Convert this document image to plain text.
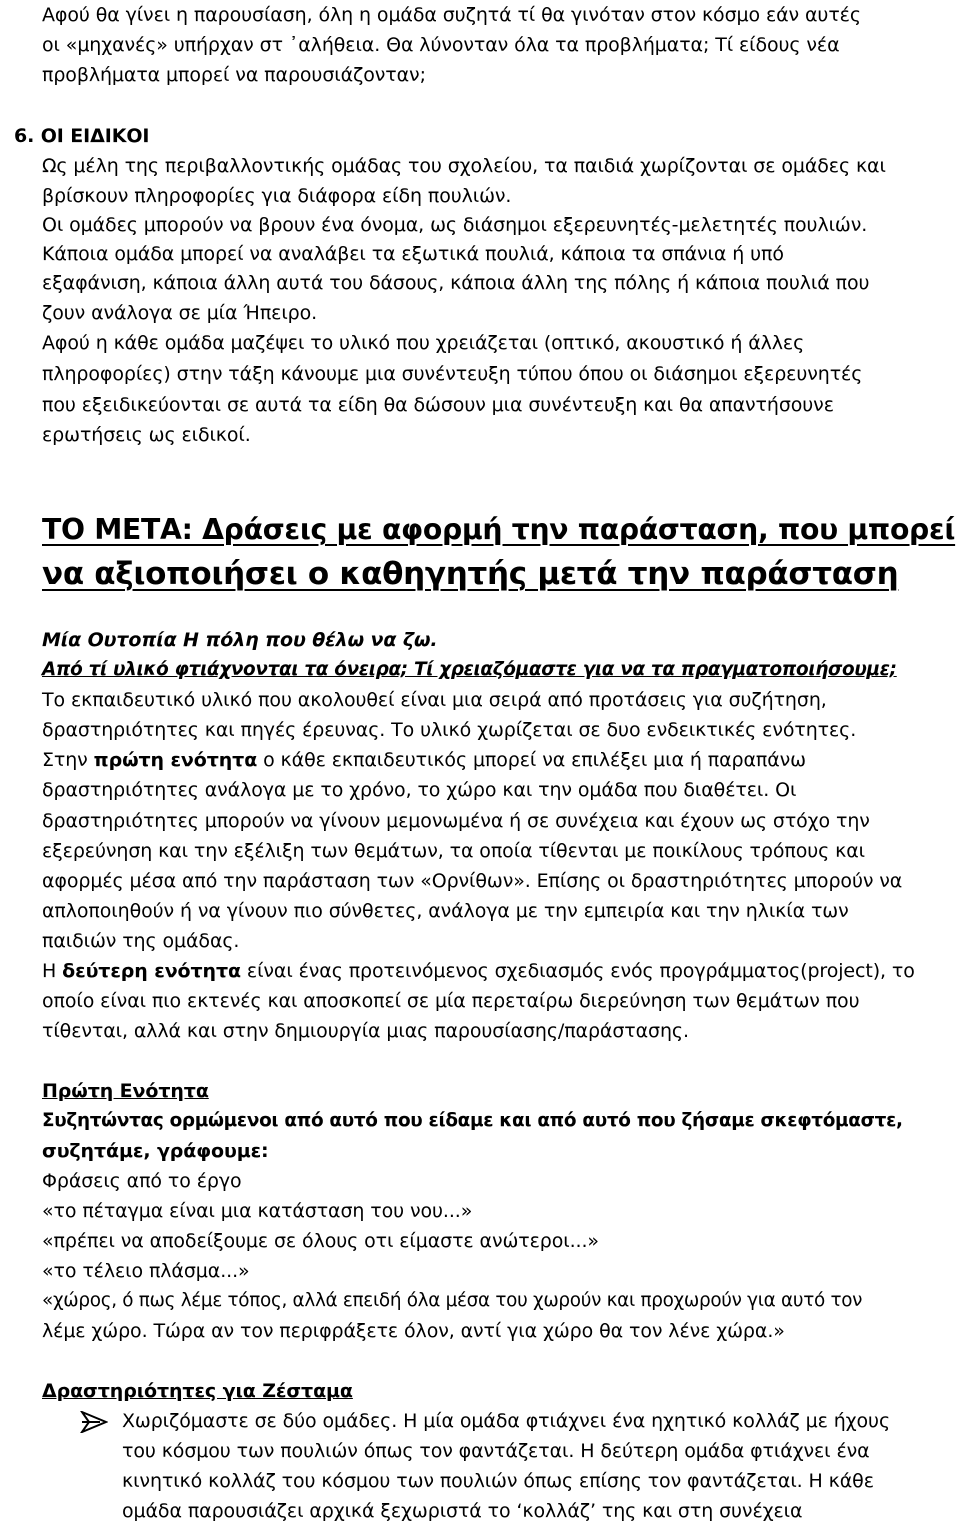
Αφού θα γίνει η παρουσίαση, όλη η ομάδα συζητά τί θα γινόταν στον κόσμο εάν αυτές
οι «μηχανές» υπήρχαν στ ᾽αλήθεια. Θα λύνονταν όλα τα προβλήματα; Τί είδους νέα
προβλήματα μπορεί να παρουσιάζονταν;
6. ΟΙ ΕΙΔΙΚΟΙ
Ως μέλη της περιβαλλοντικής ομάδας του σχολείου, τα παιδιά χωρίζονται σε ομάδες και
βρίσκουν πληροφορίες για διάφορα είδη πουλιών.
Οι ομάδες μπορούν να βρουν ένα όνομα, ως διάσημοι εξερευνητές-μελετητές πουλιών.
Κάποια ομάδα μπορεί να αναλάβει τα εξωτικά πουλιά, κάποια τα σπάνια ή υπό
εξαφάνιση, κάποια άλλη αυτά του δάσους, κάποια άλλη της πόλης ή κάποια πουλιά που
ζουν ανάλογα σε μία Ήπειρο.
Αφού η κάθε ομάδα μαζέψει το υλικό που χρειάζεται (οπτικό, ακουστικό ή άλλες
πληροφορίες) στην τάξη κάνουμε μια συνέντευξη τύπου όπου οι διάσημοι εξερευνητές
που εξειδικεύονται σε αυτά τα είδη θα δώσουν μια συνέντευξη και θα απαντήσουνε
ερωτήσεις ως ειδικοί.
ΤΟ ΜΕΤΑ: Δράσεις με αφορμή την παράσταση, που μπορεί
να αξιοποιήσει ο καθηγητής μετά την παράσταση
Μία Ουτοπία Η πόλη που θέλω να ζω.
Από τί υλικό φτιάχνονται τα όνειρα; Τί χρειαζόμαστε για να τα πραγματοποιήσουμε;
Το εκπαιδευτικό υλικό που ακολουθεί είναι μια σειρά από προτάσεις για συζήτηση,
δραστηριότητες και πηγές έρευνας. Το υλικό χωρίζεται σε δυο ενδεικτικές ενότητες.
Στην πρώτη ενότητα ο κάθε εκπαιδευτικός μπορεί να επιλέξει μια ή παραπάνω
δραστηριότητες ανάλογα με το χρόνο, το χώρο και την ομάδα που διαθέτει. Οι
δραστηριότητες μπορούν να γίνουν μεμονωμένα ή σε συνέχεια και έχουν ως στόχο την
εξερεύνηση και την εξέλιξη των θεμάτων, τα οποία τίθενται με ποικίλους τρόπους και
αφορμές μέσα από την παράσταση των «Ορνίθων». Επίσης οι δραστηριότητες μπορούν να
απλοποιηθούν ή να γίνουν πιο σύνθετες, ανάλογα με την εμπειρία και την ηλικία των
παιδιών της ομάδας.
Η δεύτερη ενότητα είναι ένας προτεινόμενος σχεδιασμός ενός προγράμματος(project), το
οποίο είναι πιο εκτενές και αποσκοπεί σε μία περεταίρω διερεύνηση των θεμάτων που
τίθενται, αλλά και στην δημιουργία μιας παρουσίασης/παράστασης.
Πρώτη Ενότητα
Συζητώντας ορμώμενοι από αυτό που είδαμε και από αυτό που ζήσαμε σκεφτόμαστε,
συζητάμε, γράφουμε:
Φράσεις από το έργο
«το πέταγμα είναι μια κατάσταση του νου...»
«πρέπει να αποδείξουμε σε όλους οτι είμαστε ανώτεροι...»
«το τέλειο πλάσμα...»
«χώρος, ό πως λέμε τόπος, αλλά επειδή όλα μέσα του χωρούν και προχωρούν για αυτό τον
λέμε χώρο. Τώρα αν τον περιφράξετε όλον, αντί για χώρο θα τον λένε χώρα.»
Δραστηριότητες για Ζέσταμα
Χωριζόμαστε σε δύο ομάδες. Η μία ομάδα φτιάχνει ένα ηχητικό κολλάζ με ήχους
του κόσμου των πουλιών όπως τον φαντάζεται. Η δεύτερη ομάδα φτιάχνει ένα
κινητικό κολλάζ του κόσμου των πουλιών όπως επίσης τον φαντάζεται. Η κάθε
ομάδα παρουσιάζει αρχικά ξεχωριστά το ‘κολλάζ’ της και στη συνέχεια
